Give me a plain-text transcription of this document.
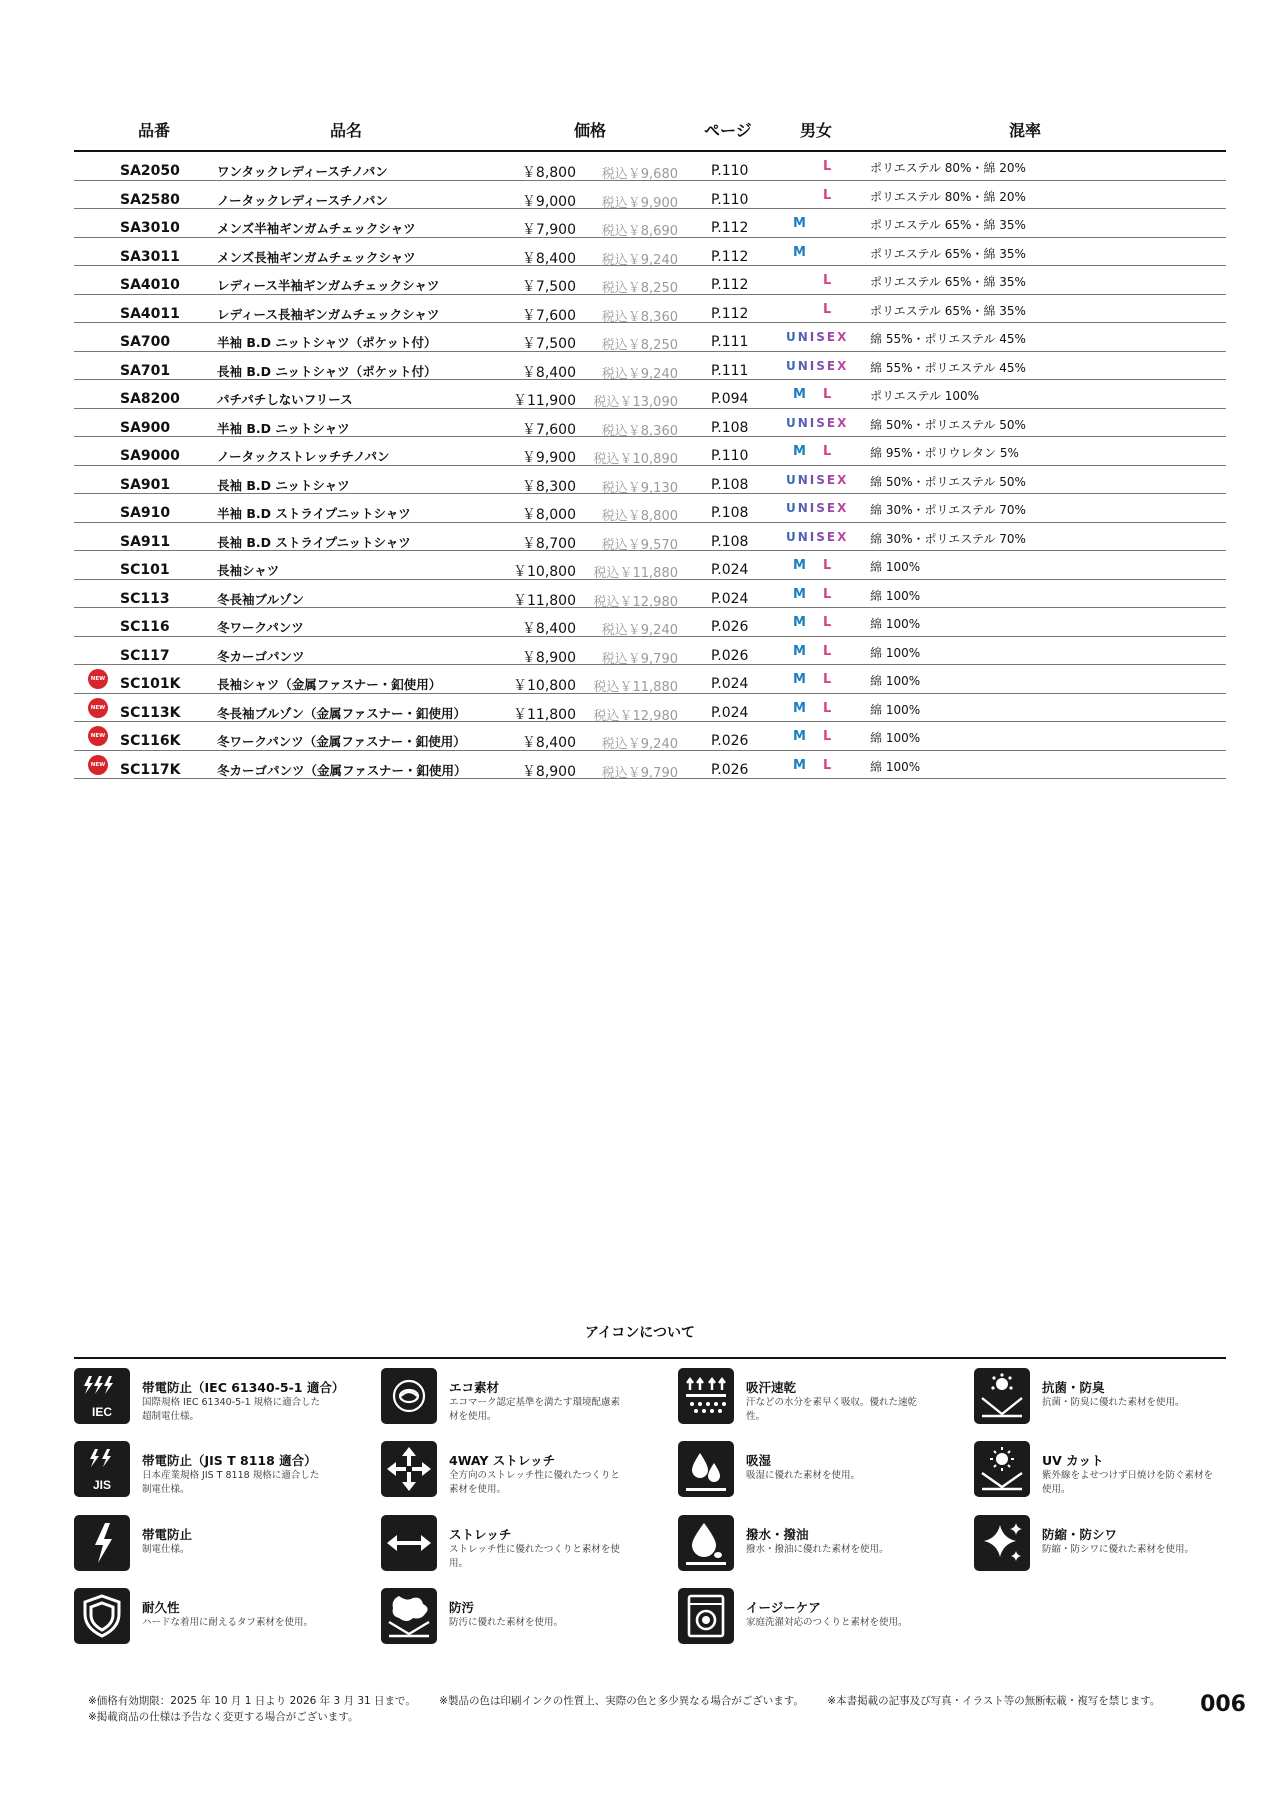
品番	品名	価格	ページ	男女	混率
SA2050	ワンタックレディースチノパン	￥8,800	税込￥9,680 P.110	L	ポリエステル 80%・綿 20%
SA2580	ノータックレディースチノパン	￥9,000	税込￥9,900 P.110	L	ポリエステル 80%・綿 20%
SA3010	メンズ半袖ギンガムチェックシャツ	￥7,900	税込￥8,690 P.112	M	ポリエステル 65%・綿 35%
SA3011	メンズ長袖ギンガムチェックシャツ	￥8,400	税込￥9,240 P.112	M	ポリエステル 65%・綿 35%
SA4010	レディース半袖ギンガムチェックシャツ	￥7,500	税込￥8,250 P.112	L	ポリエステル 65%・綿 35%
SA4011	レディース長袖ギンガムチェックシャツ	￥7,600	税込￥8,360 P.112	L	ポリエステル 65%・綿 35%
SA700	半袖 B.D ニットシャツ（ポケット付）	￥7,500	税込￥8,250 P.111	UNISEX 綿 55%・ポリエステル 45%
SA701	長袖 B.D ニットシャツ（ポケット付）	￥8,400	税込￥9,240 P.111	UNISEX 綿 55%・ポリエステル 45%
SA8200	パチパチしないフリース	￥11,900	税込￥13,090 P.094	M L	ポリエステル 100%
SA900	半袖 B.D ニットシャツ	￥7,600	税込￥8,360 P.108	UNISEX 綿 50%・ポリエステル 50%
SA9000	ノータックストレッチチノパン	￥9,900	税込￥10,890 P.110	M L	綿 95%・ポリウレタン 5%
SA901	長袖 B.D ニットシャツ	￥8,300	税込￥9,130 P.108	UNISEX 綿 50%・ポリエステル 50%
SA910	半袖 B.D ストライプニットシャツ	￥8,000	税込￥8,800 P.108	UNISEX 綿 30%・ポリエステル 70%
SA911	長袖 B.D ストライプニットシャツ	￥8,700	税込￥9,570 P.108	UNISEX 綿 30%・ポリエステル 70%
SC101	長袖シャツ	￥10,800	税込￥11,880 P.024	M L	綿 100%
SC113	冬長袖ブルゾン	￥11,800	税込￥12,980 P.024	M L	綿 100%
SC116	冬ワークパンツ	￥8,400	税込￥9,240 P.026	M L	綿 100%
SC117	冬カーゴパンツ	￥8,900	税込￥9,790 P.026	M L	綿 100%
NEW SC101K	長袖シャツ（金属ファスナー・釦使用）	￥10,800	税込￥11,880 P.024	M L	綿 100%
NEW SC113K	冬長袖ブルゾン（金属ファスナー・釦使用）	￥11,800	税込￥12,980 P.024	M L	綿 100%
NEW SC116K	冬ワークパンツ（金属ファスナー・釦使用）	￥8,400	税込￥9,240 P.026	M L	綿 100%
NEW SC117K	冬カーゴパンツ（金属ファスナー・釦使用）	￥8,900	税込￥9,790 P.026	M L	綿 100%
アイコンについて
IEC
帯電防止（IEC 61340-5-1 適合）
国際規格 IEC 61340-5-1 規格に適合した超制電仕様。
エコ素材
エコマーク認定基準を満たす環境配慮素材を使用。
吸汗速乾
汗などの水分を素早く吸収。優れた速乾性。
抗菌・防臭
抗菌・防臭に優れた素材を使用。
JIS
帯電防止（JIS T 8118 適合）
日本産業規格 JIS T 8118 規格に適合した制電仕様。
4WAY ストレッチ
全方向のストレッチ性に優れたつくりと素材を使用。
吸湿
吸湿に優れた素材を使用。
UV カット
紫外線をよせつけず日焼けを防ぐ素材を使用。
帯電防止
制電仕様。
ストレッチ
ストレッチ性に優れたつくりと素材を使用。
撥水・撥油
撥水・撥油に優れた素材を使用。
防縮・防シワ
防縮・防シワに優れた素材を使用。
耐久性
ハードな着用に耐えるタフ素材を使用。
防汚
防汚に優れた素材を使用。
イージーケア
家庭洗濯対応のつくりと素材を使用。
※価格有効期限：2025 年 10 月 1 日より 2026 年 3 月 31 日まで。 ※製品の色は印刷インクの性質上、実際の色と多少異なる場合がございます。 ※本書掲載の記事及び写真・イラスト等の無断転載・複写を禁じます。
※掲載商品の仕様は予告なく変更する場合がございます。	006
